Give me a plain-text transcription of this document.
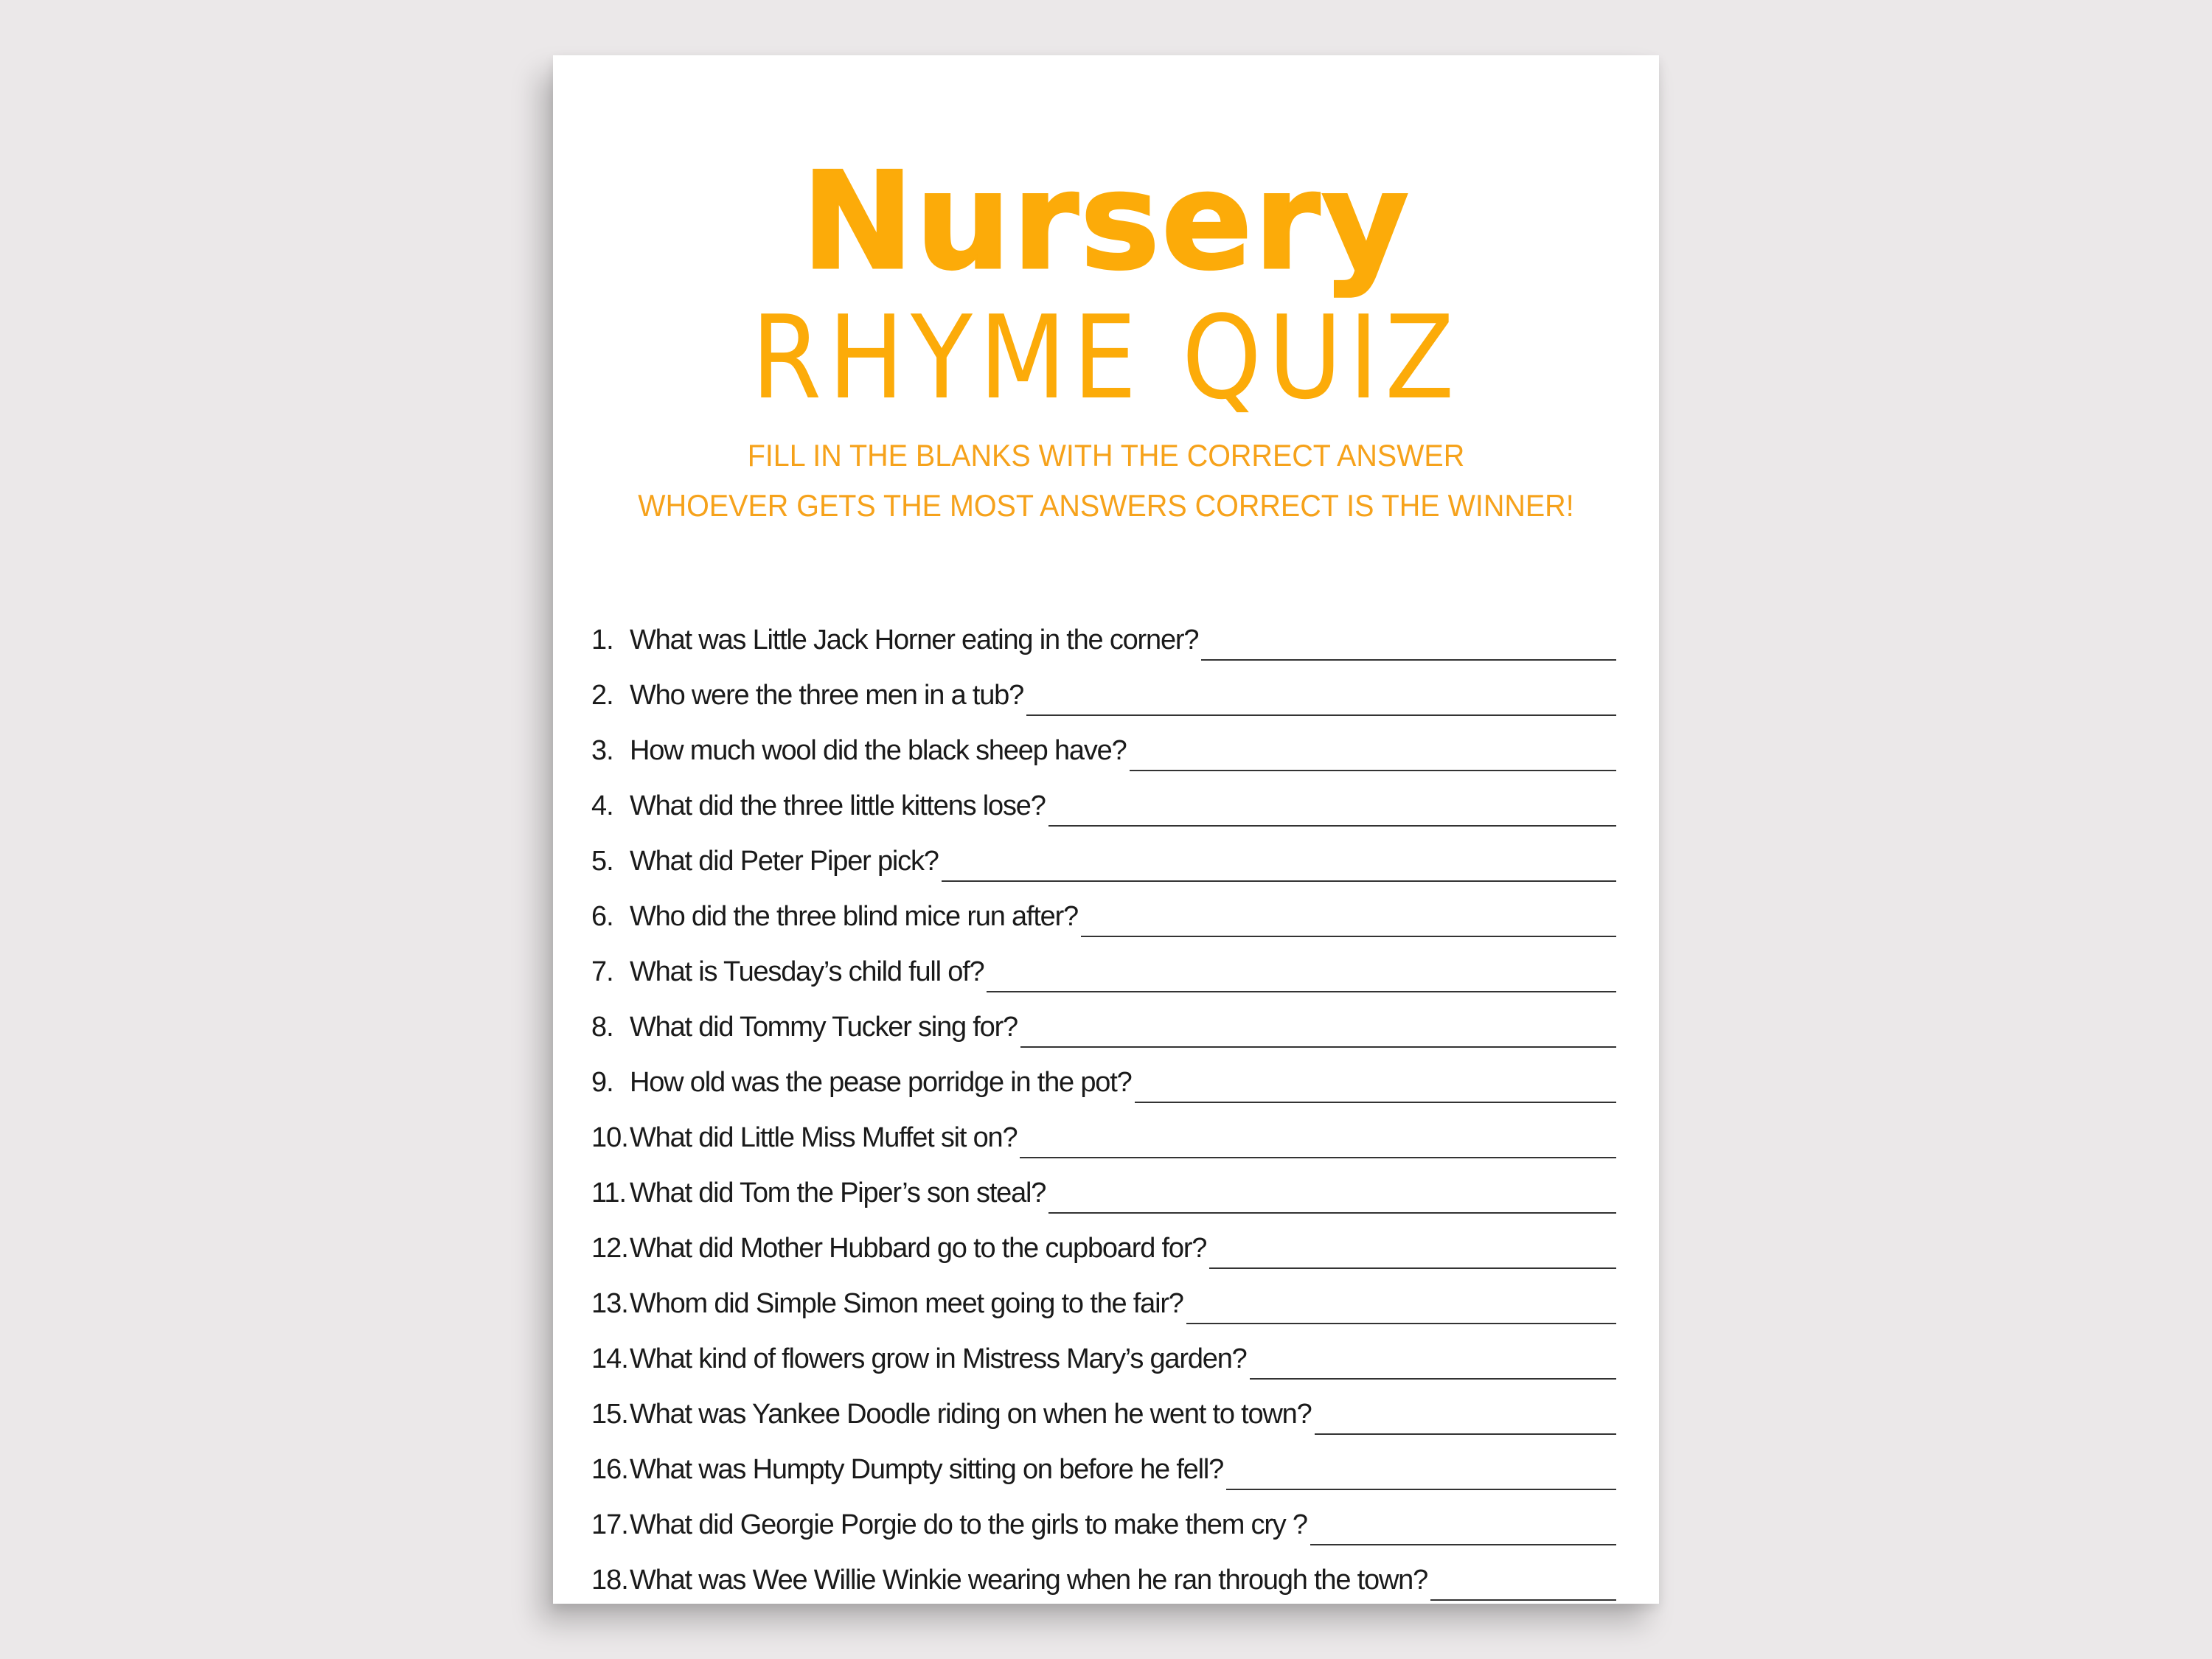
Nursery
RHYME QUIZ
FILL IN THE BLANKS WITH THE CORRECT ANSWER
WHOEVER GETS THE MOST ANSWERS CORRECT IS THE WINNER!
1. What was Little Jack Horner eating in the corner?
2. Who were the three men in a tub?
3. How much wool did the black sheep have?
4. What did the three little kittens lose?
5. What did Peter Piper pick?
6. Who did the three blind mice run after?
7. What is Tuesday’s child full of?
8. What did Tommy Tucker sing for?
9. How old was the pease porridge in the pot?
10. What did Little Miss Muffet sit on?
11. What did Tom the Piper’s son steal?
12. What did Mother Hubbard go to the cupboard for?
13. Whom did Simple Simon meet going to the fair?
14. What kind of flowers grow in Mistress Mary’s garden?
15. What was Yankee Doodle riding on when he went to town?
16. What was Humpty Dumpty sitting on before he fell?
17. What did Georgie Porgie do to the girls to make them cry ?
18. What was Wee Willie Winkie wearing when he ran through the town?
